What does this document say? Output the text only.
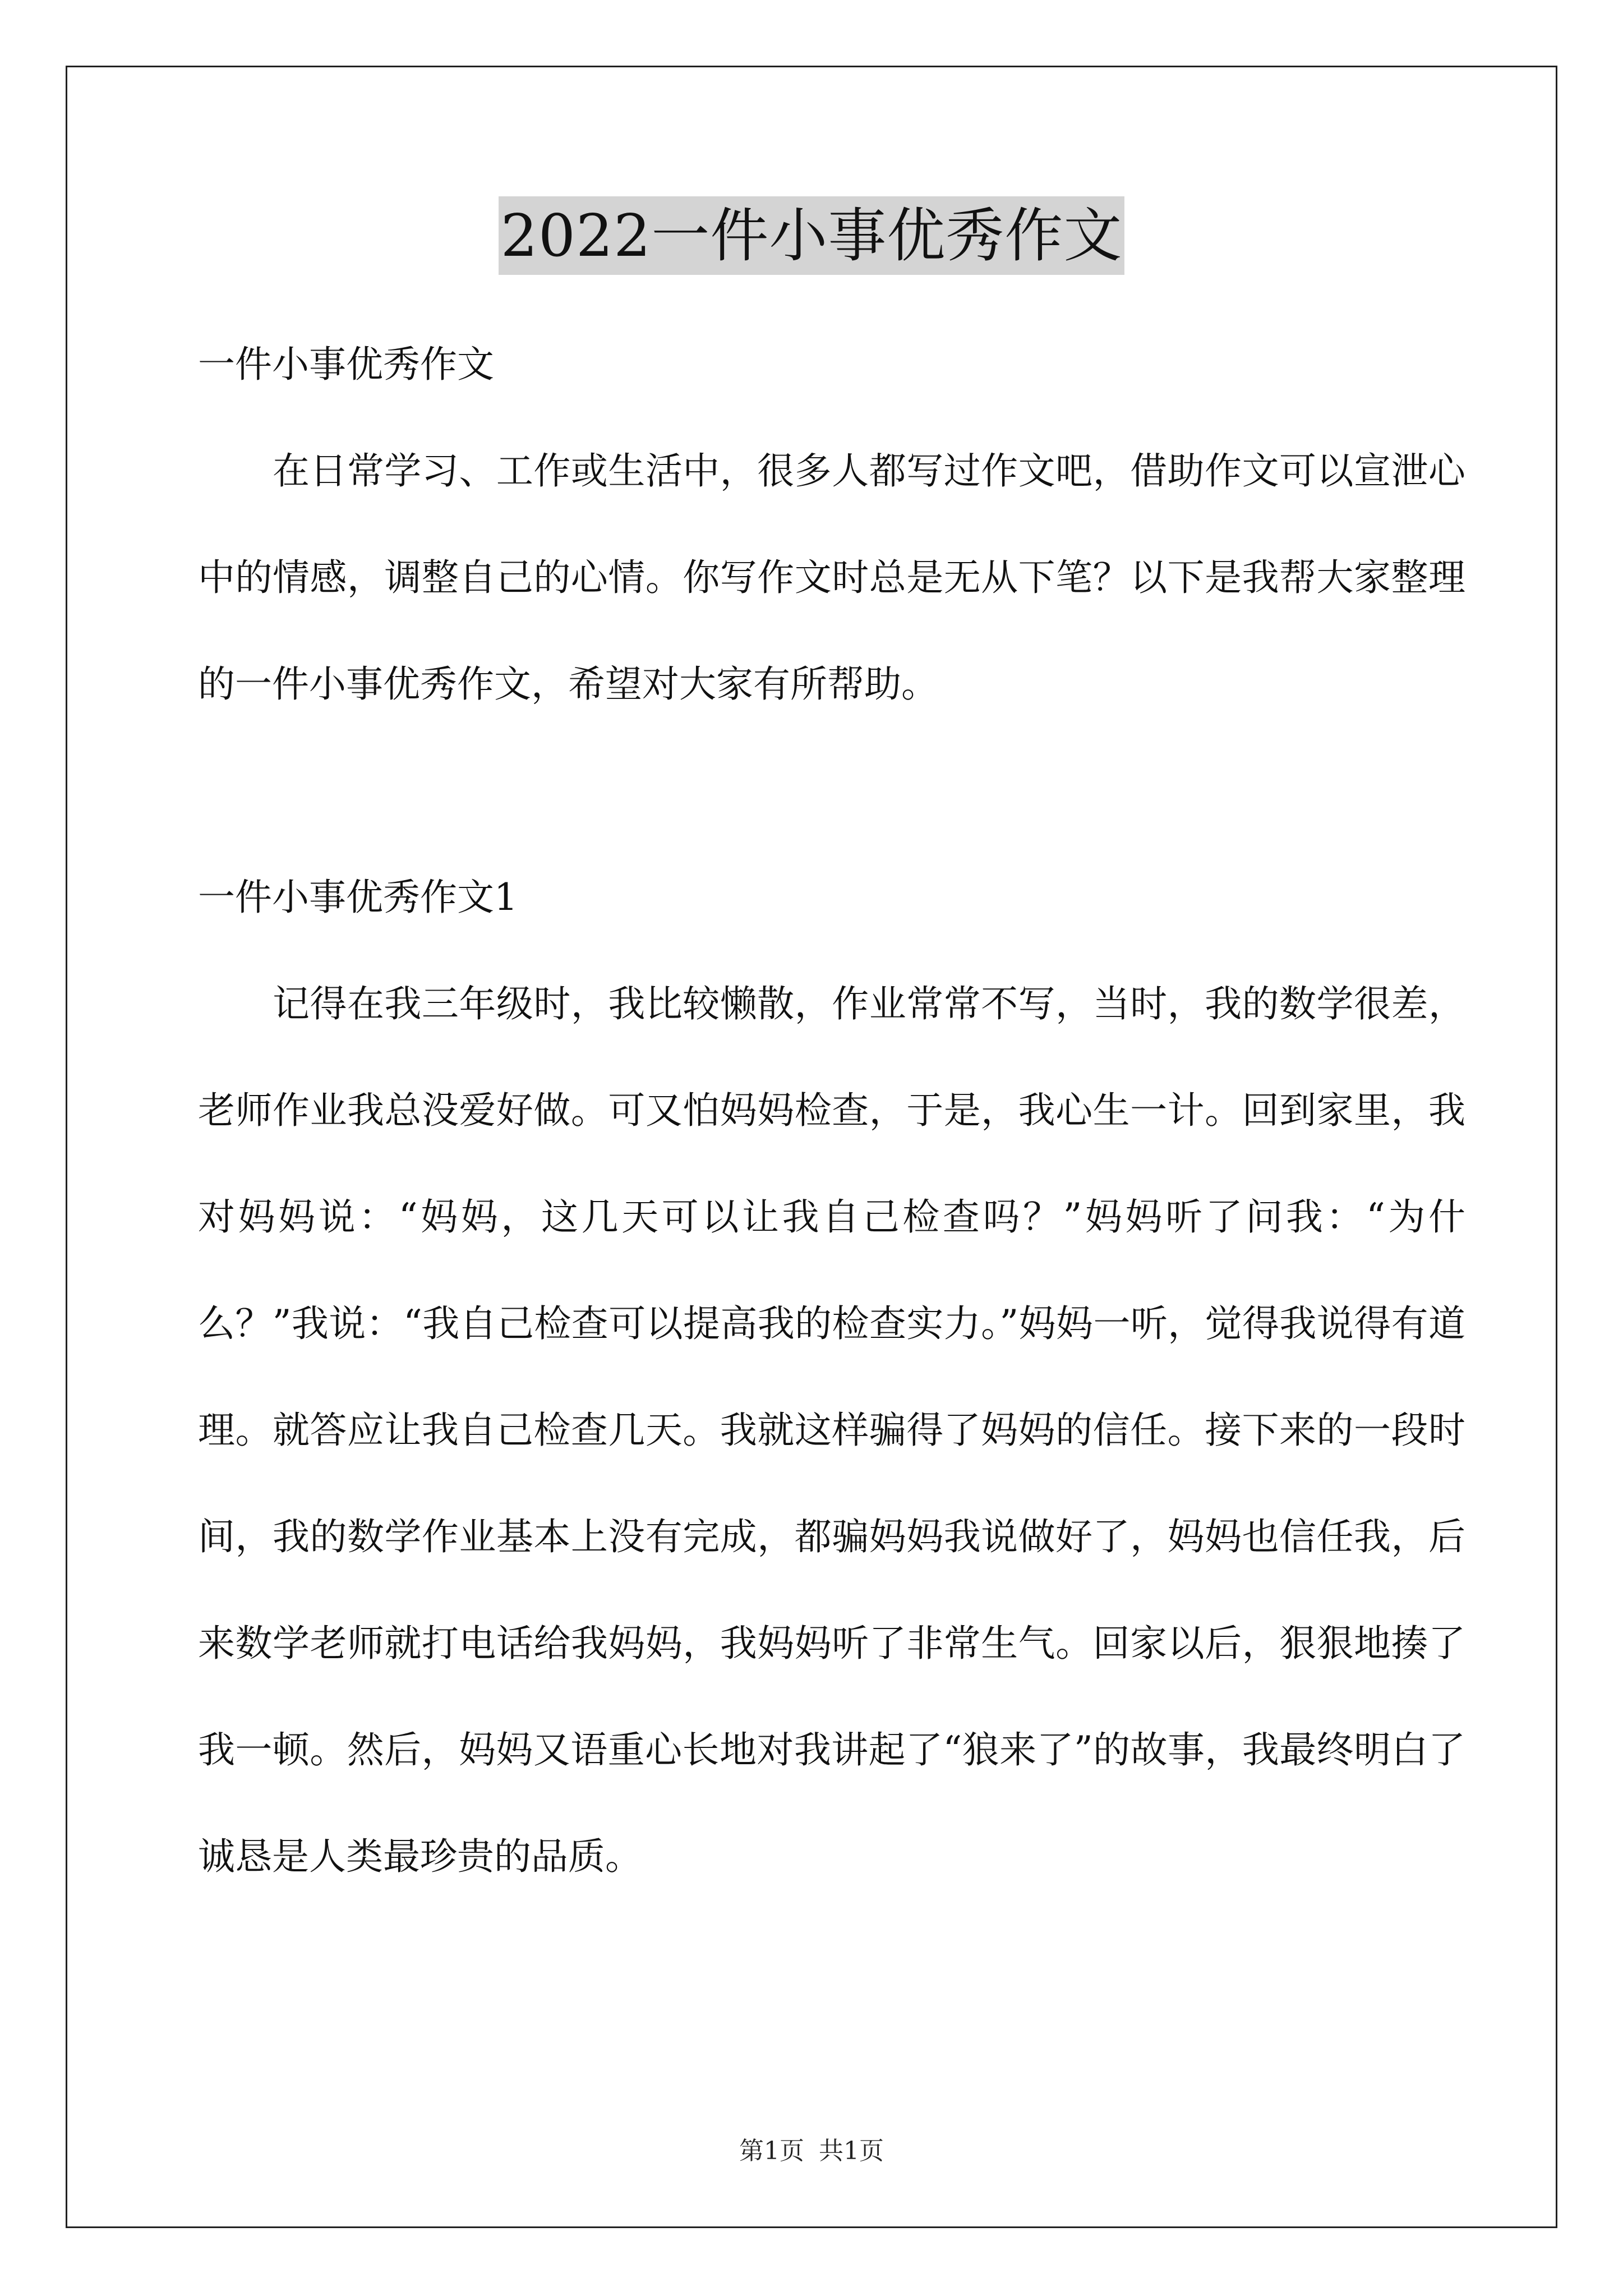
2022一件小事优秀作文

一件小事优秀作文

　　在日常学习、工作或生活中，很多人都写过作文吧，借助作文可以宣泄心中的情感，调整自己的心情。你写作文时总是无从下笔？以下是我帮大家整理的一件小事优秀作文，希望对大家有所帮助。

一件小事优秀作文1

　　记得在我三年级时，我比较懒散，作业常常不写，当时，我的数学很差，老师作业我总没爱好做。可又怕妈妈检查，于是，我心生一计。回到家里，我对妈妈说：“妈妈，这几天可以让我自己检查吗？”妈妈听了问我：“为什么？”我说：“我自己检查可以提高我的检查实力。”妈妈一听，觉得我说得有道理。就答应让我自己检查几天。我就这样骗得了妈妈的信任。接下来的一段时间，我的数学作业基本上没有完成，都骗妈妈我说做好了，妈妈也信任我，后来数学老师就打电话给我妈妈，我妈妈听了非常生气。回家以后，狠狠地揍了我一顿。然后，妈妈又语重心长地对我讲起了“狼来了”的故事，我最终明白了诚恳是人类最珍贵的品质。

第1页 共1页
